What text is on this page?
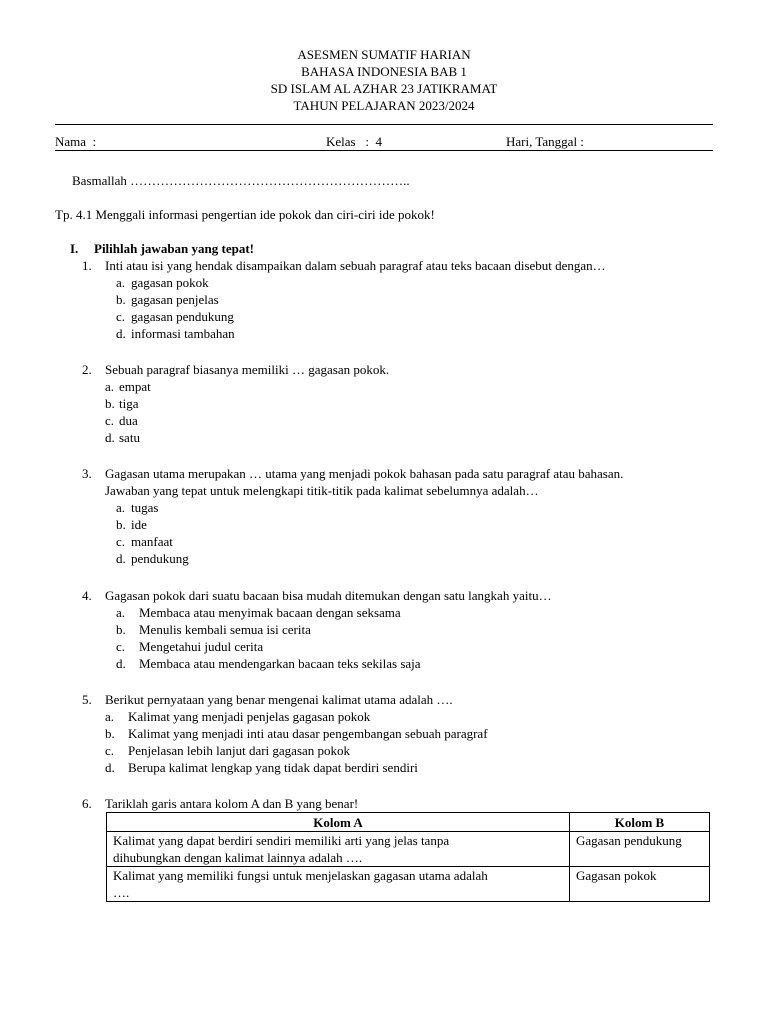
ASESMEN SUMATIF HARIAN
BAHASA INDONESIA BAB 1
SD ISLAM AL AZHAR 23 JATIKRAMAT
TAHUN PELAJARAN 2023/2024
Nama  :	Kelas   :  4	Hari, Tanggal :
Basmallah ………………………………………………………..
Tp. 4.1 Menggali informasi pengertian ide pokok dan ciri-ciri ide pokok!
I. Pilihlah jawaban yang tepat!
1. Inti atau isi yang hendak disampaikan dalam sebuah paragraf atau teks bacaan disebut dengan…
a. gagasan pokok
b. gagasan penjelas
c. gagasan pendukung
d. informasi tambahan
2. Sebuah paragraf biasanya memiliki … gagasan pokok.
a. empat
b. tiga
c. dua
d. satu
3. Gagasan utama merupakan … utama yang menjadi pokok bahasan pada satu paragraf atau bahasan.
Jawaban yang tepat untuk melengkapi titik-titik pada kalimat sebelumnya adalah…
a. tugas
b. ide
c. manfaat
d. pendukung
4. Gagasan pokok dari suatu bacaan bisa mudah ditemukan dengan satu langkah yaitu…
a. Membaca atau menyimak bacaan dengan seksama
b. Menulis kembali semua isi cerita
c. Mengetahui judul cerita
d. Membaca atau mendengarkan bacaan teks sekilas saja
5. Berikut pernyataan yang benar mengenai kalimat utama adalah ….
a. Kalimat yang menjadi penjelas gagasan pokok
b. Kalimat yang menjadi inti atau dasar pengembangan sebuah paragraf
c. Penjelasan lebih lanjut dari gagasan pokok
d. Berupa kalimat lengkap yang tidak dapat berdiri sendiri
6. Tariklah garis antara kolom A dan B yang benar!
Kolom A	Kolom B

Kalimat yang dapat berdiri sendiri memiliki arti yang jelas tanpa
dihubungkan dengan kalimat lainnya adalah ….	Gagasan pendukung

Kalimat yang memiliki fungsi untuk menjelaskan gagasan utama adalah
….	Gagasan pokok
